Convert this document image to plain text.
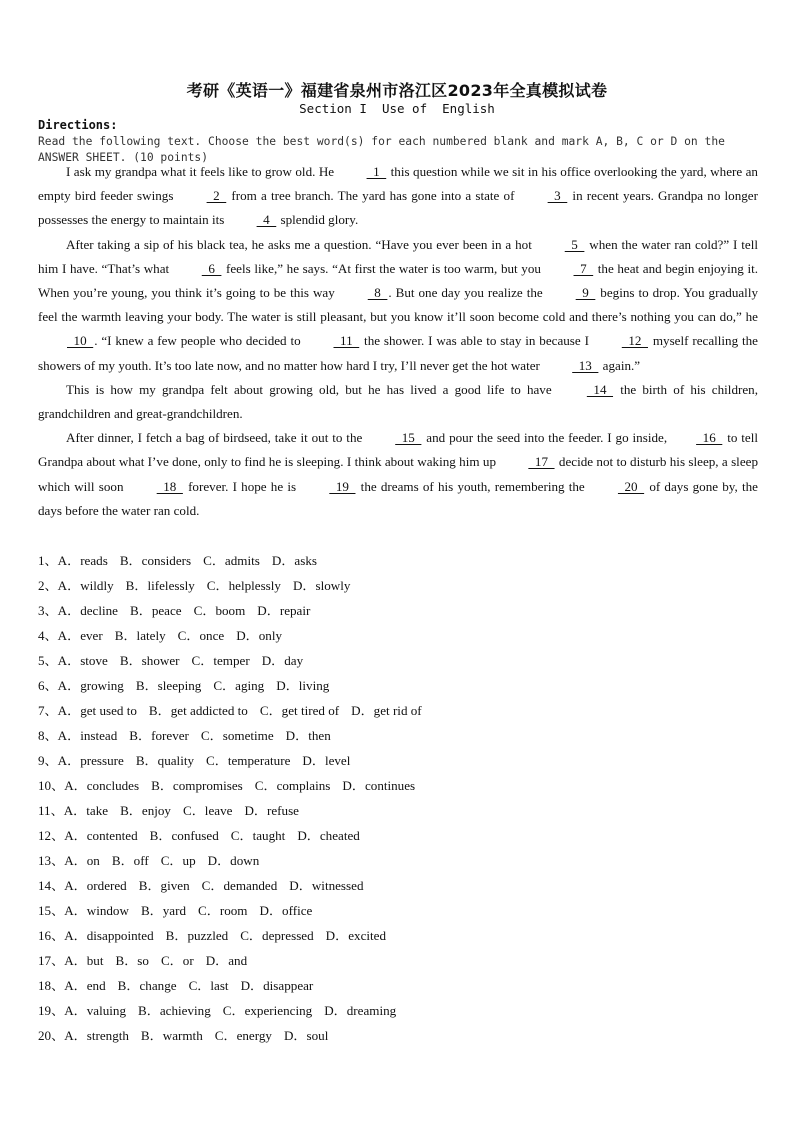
考研《英语一》福建省泉州市洛江区2023年全真模拟试卷
Section I  Use of  English
Directions:
Read the following text. Choose the best word(s) for each numbered blank and mark A, B, C or D on the ANSWER SHEET. (10 points)

I ask my grandpa what it feels like to grow old. He   1   this question while we sit in his office overlooking the yard, where an empty bird feeder swings   2   from a tree branch. The yard has gone into a state of   3   in recent years. Grandpa no longer possesses the energy to maintain its   4   splendid glory.

After taking a sip of his black tea, he asks me a question. “Have you ever been in a hot   5   when the water ran cold?” I tell him I have. “That’s what   6   feels like,” he says. “At first the water is too warm, but you   7   the heat and begin enjoying it. When you’re young, you think it’s going to be this way   8  . But one day you realize the   9   begins to drop. You gradually feel the warmth leaving your body. The water is still pleasant, but you know it’ll soon become cold and there’s nothing you can do,” he   10  . “I knew a few people who decided to   11   the shower. I was able to stay in because I   12   myself recalling the showers of my youth. It’s too late now, and no matter how hard I try, I’ll never get the hot water   13   again.”

This is how my grandpa felt about growing old, but he has lived a good life to have   14   the birth of his children, grandchildren and great-grandchildren.

After dinner, I fetch a bag of birdseed, take it out to the   15   and pour the seed into the feeder. I go inside,  16   to tell Grandpa about what I’ve done, only to find he is sleeping. I think about waking him up   17   decide not to disturb his sleep, a sleep which will soon   18   forever. I hope he is   19   the dreams of his youth, remembering the   20   of days gone by, the days before the water ran cold.

1、A．reads B．considers C．admits D．asks
2、A．wildly B．lifelessly C．helplessly D．slowly
3、A．decline B．peace C．boom D．repair
4、A．ever B．lately C．once D．only
5、A．stove B．shower C．temper D．day
6、A．growing B．sleeping C．aging D．living
7、A．get used to B．get addicted to C．get tired of D．get rid of
8、A．instead B．forever C．sometime D．then
9、A．pressure B．quality C．temperature D．level
10、A．concludes B．compromises C．complains D．continues
11、A．take B．enjoy C．leave D．refuse
12、A．contented B．confused C．taught D．cheated
13、A．on B．off C．up D．down
14、A．ordered B．given C．demanded D．witnessed
15、A．window B．yard C．room D．office
16、A．disappointed B．puzzled C．depressed D．excited
17、A．but B．so C．or D．and
18、A．end B．change C．last D．disappear
19、A．valuing B．achieving C．experiencing D．dreaming
20、A．strength B．warmth C．energy D．soul
